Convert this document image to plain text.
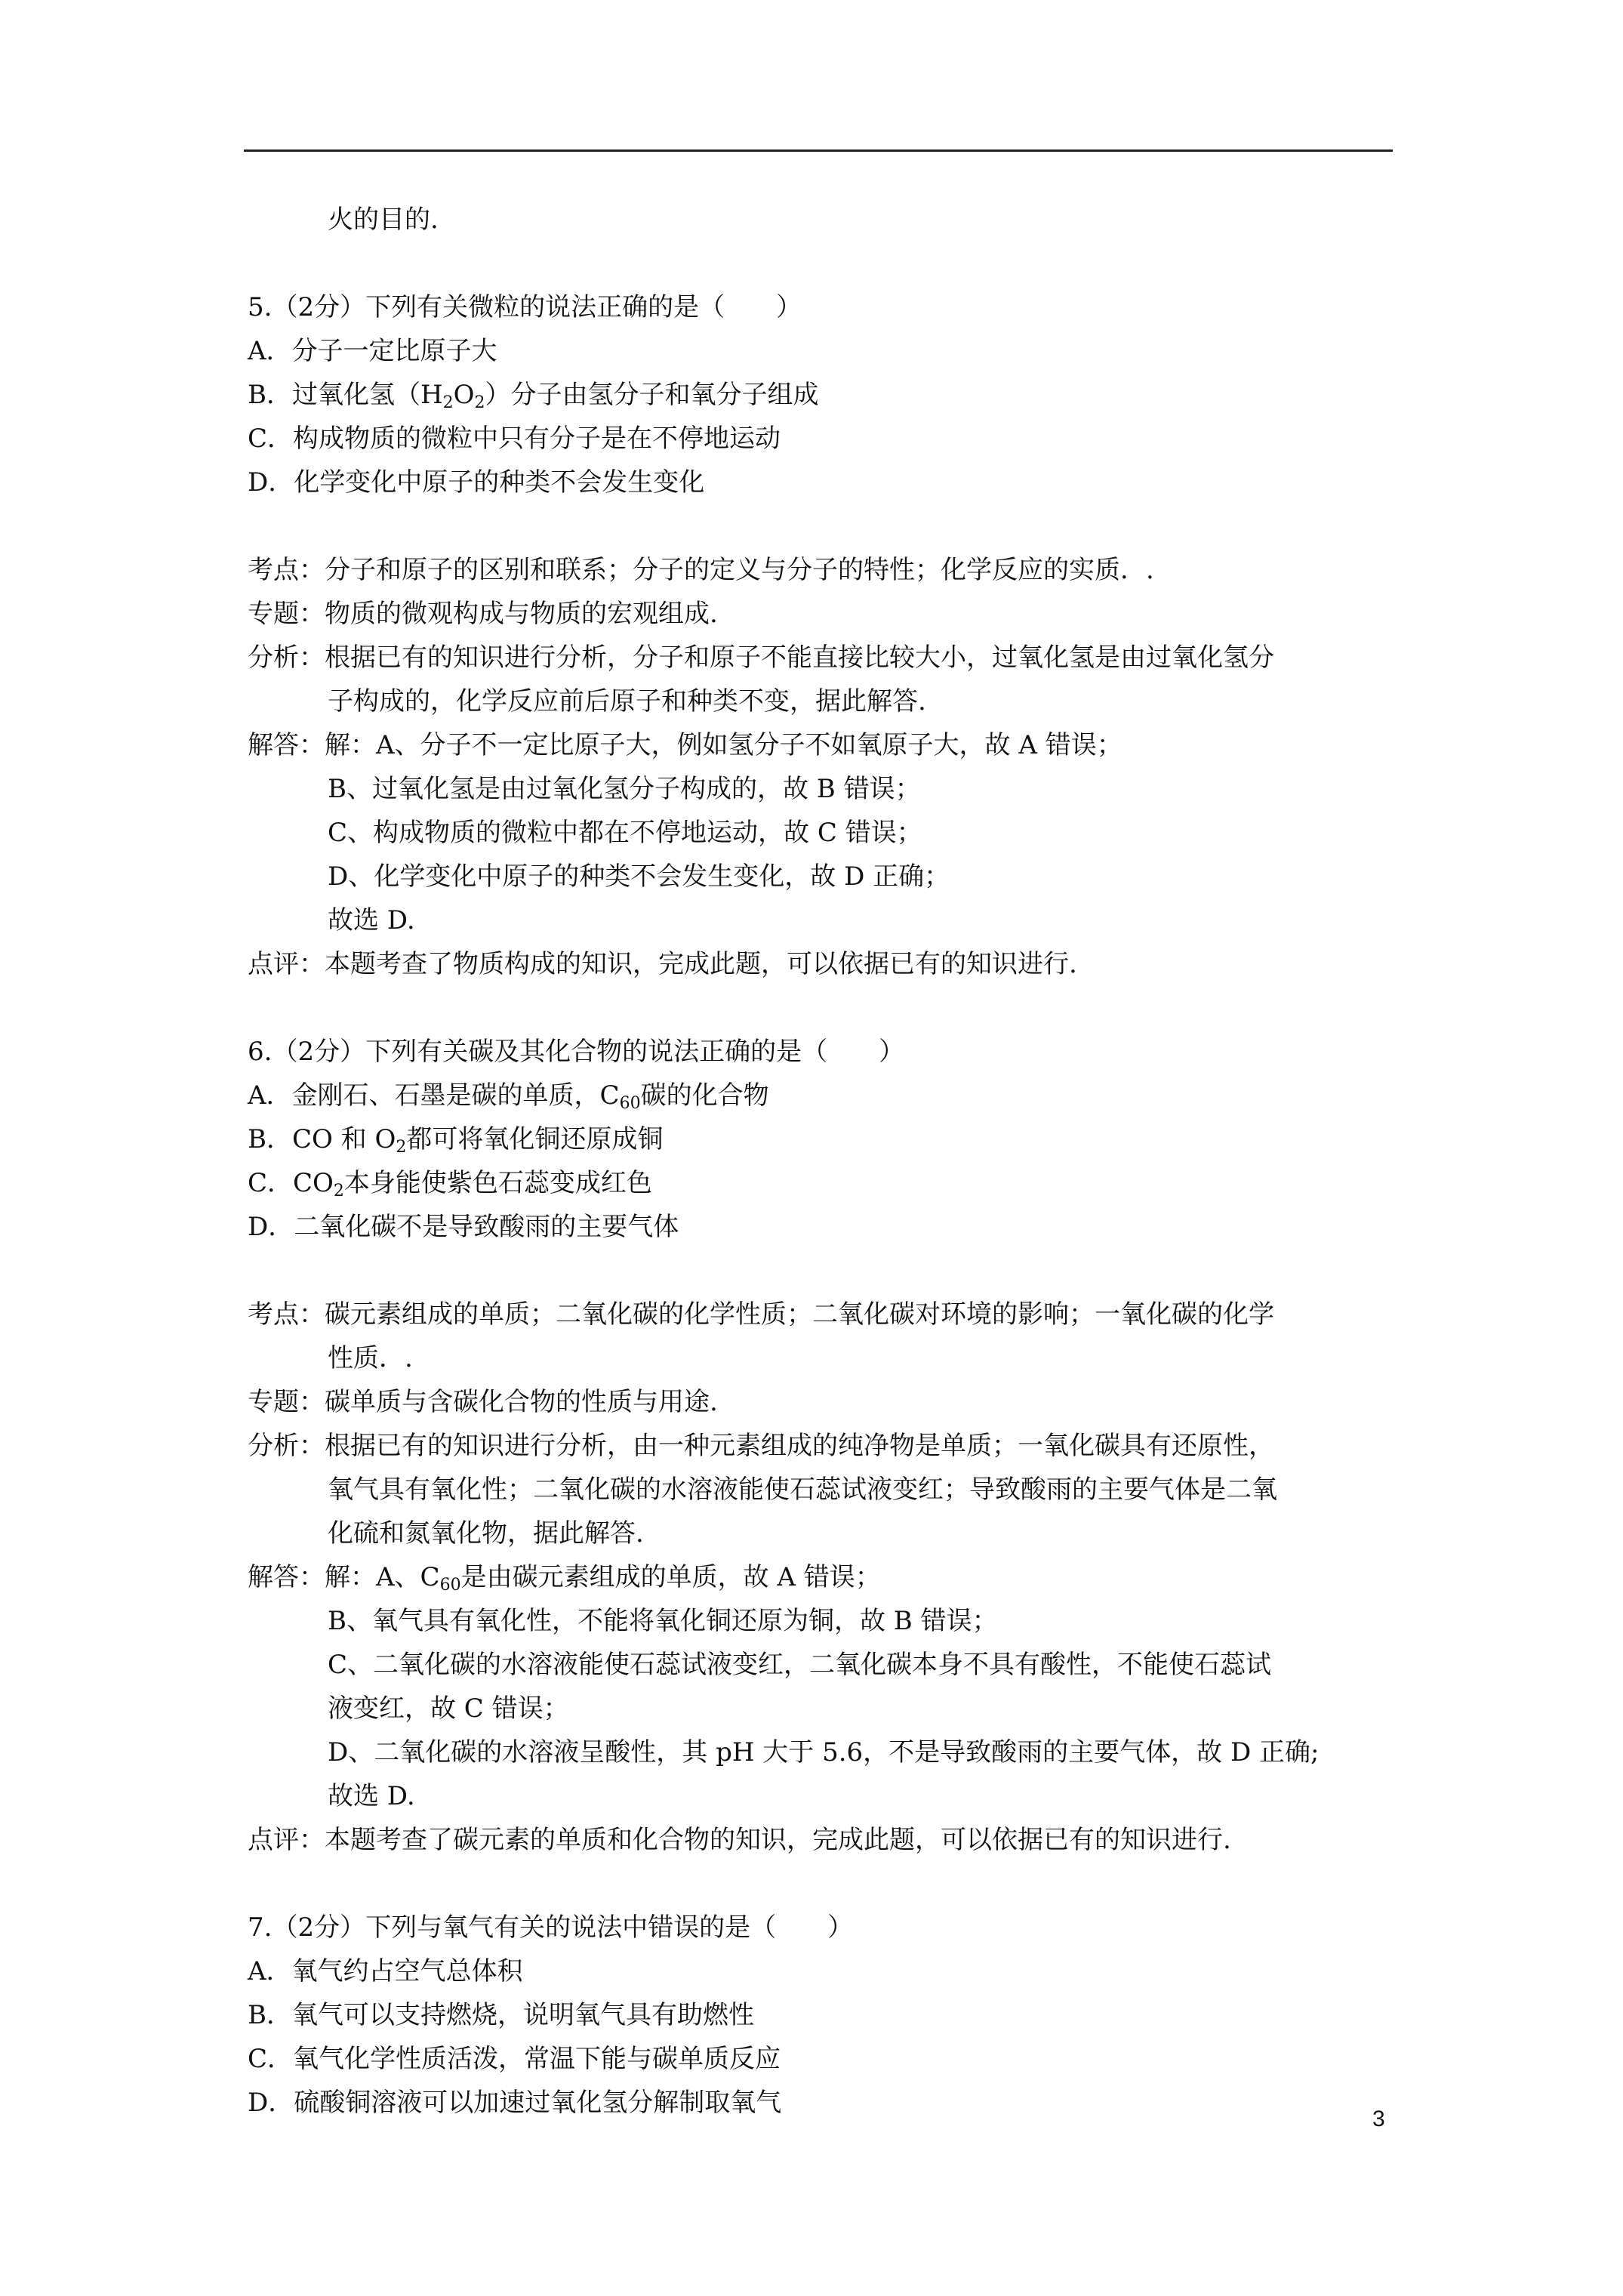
火的目的.
5.（2分）下列有关微粒的说法正确的是（　　）
A．分子一定比原子大
B．过氧化氢$(H_2O_2)$分子由氢分子和氧分子组成
C．构成物质的微粒中只有分子是在不停地运动
D．化学变化中原子的种类不会发生变化
考点：分子和原子的区别和联系；分子的定义与分子的特性；化学反应的实质．.
专题：物质的微观构成与物质的宏观组成.
分析：根据已有的知识进行分析，分子和原子不能直接比较大小，过氧化氢是由过氧化氢分
子构成的，化学反应前后原子和种类不变，据此解答.
解答：解：A、分子不一定比原子大，例如氢分子不如氧原子大，故 A 错误；
B、过氧化氢是由过氧化氢分子构成的，故 B 错误；
C、构成物质的微粒中都在不停地运动，故 C 错误；
D、化学变化中原子的种类不会发生变化，故 D 正确；
故选 D.
点评：本题考查了物质构成的知识，完成此题，可以依据已有的知识进行.
6.（2分）下列有关碳及其化合物的说法正确的是（　　）
A．金刚石、石墨是碳的单质，$C_{60}$碳的化合物
B．CO 和 $O_2$都可将氧化铜还原成铜
C．$CO_2$本身能使紫色石蕊变成红色
D．二氧化碳不是导致酸雨的主要气体
考点：碳元素组成的单质；二氧化碳的化学性质；二氧化碳对环境的影响；一氧化碳的化学
性质．.
专题：碳单质与含碳化合物的性质与用途.
分析：根据已有的知识进行分析，由一种元素组成的纯净物是单质；一氧化碳具有还原性，
氧气具有氧化性；二氧化碳的水溶液能使石蕊试液变红；导致酸雨的主要气体是二氧
化硫和氮氧化物，据此解答.
解答：解：A、$C_{60}$是由碳元素组成的单质，故 A 错误；
B、氧气具有氧化性，不能将氧化铜还原为铜，故 B 错误；
C、二氧化碳的水溶液能使石蕊试液变红，二氧化碳本身不具有酸性，不能使石蕊试
液变红，故 C 错误；
D、二氧化碳的水溶液呈酸性，其 pH 大于 5.6，不是导致酸雨的主要气体，故 D 正确;
故选 D.
点评：本题考查了碳元素的单质和化合物的知识，完成此题，可以依据已有的知识进行.
7.（2分）下列与氧气有关的说法中错误的是（　　）
A．氧气约占空气总体积
B．氧气可以支持燃烧，说明氧气具有助燃性
C．氧气化学性质活泼，常温下能与碳单质反应
D．硫酸铜溶液可以加速过氧化氢分解制取氧气
3
